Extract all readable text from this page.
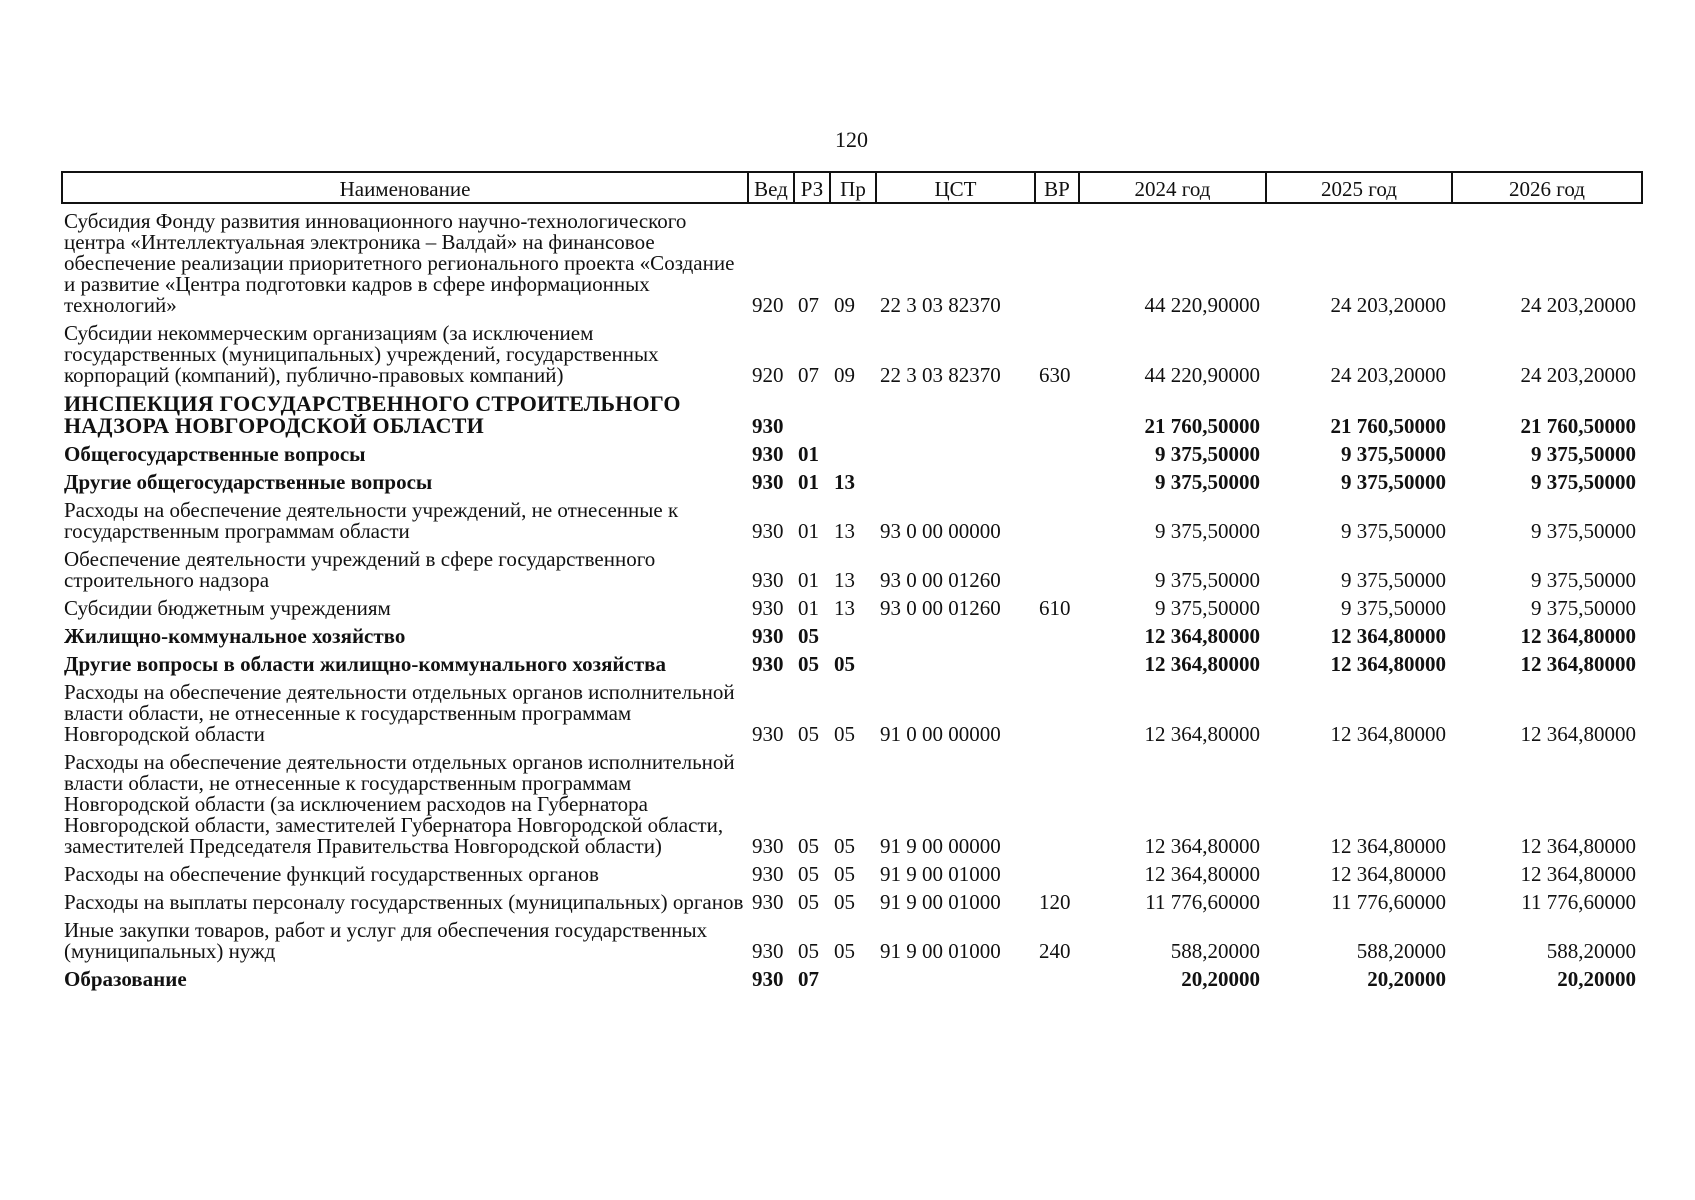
120
Наименование	Вед	РЗ	Пр	ЦСТ	ВР	2024 год	2025 год	2026 год

Субсидия Фонду развития инновационного научно-технологического центра «Интеллектуальная электроника – Валдай» на финансовое обеспечение реализации приоритетного регионального проекта «Создание и развитие «Центра подготовки кадров в сфере информационных технологий»	920	07	09	22 3 03 82370		44 220,90000	24 203,20000	24 203,20000
Субсидии некоммерческим организациям (за исключением государственных (муниципальных) учреждений, государственных корпораций (компаний), публично-правовых компаний)	920	07	09	22 3 03 82370	630	44 220,90000	24 203,20000	24 203,20000
ИНСПЕКЦИЯ ГОСУДАРСТВЕННОГО СТРОИТЕЛЬНОГО НАДЗОРА НОВГОРОДСКОЙ ОБЛАСТИ	930					21 760,50000	21 760,50000	21 760,50000
Общегосударственные вопросы	930	01				9 375,50000	9 375,50000	9 375,50000
Другие общегосударственные вопросы	930	01	13			9 375,50000	9 375,50000	9 375,50000
Расходы на обеспечение деятельности учреждений, не отнесенные к государственным программам области	930	01	13	93 0 00 00000		9 375,50000	9 375,50000	9 375,50000
Обеспечение деятельности учреждений в сфере государственного строительного надзора	930	01	13	93 0 00 01260		9 375,50000	9 375,50000	9 375,50000
Субсидии бюджетным учреждениям	930	01	13	93 0 00 01260	610	9 375,50000	9 375,50000	9 375,50000
Жилищно-коммунальное хозяйство	930	05				12 364,80000	12 364,80000	12 364,80000
Другие вопросы в области жилищно-коммунального хозяйства	930	05	05			12 364,80000	12 364,80000	12 364,80000
Расходы на обеспечение деятельности отдельных органов исполнительной власти области, не отнесенные к государственным программам Новгородской области	930	05	05	91 0 00 00000		12 364,80000	12 364,80000	12 364,80000
Расходы на обеспечение деятельности отдельных органов исполнительной власти области, не отнесенные к государственным программам Новгородской области (за исключением расходов на Губернатора Новгородской области, заместителей Губернатора Новгородской области, заместителей Председателя Правительства Новгородской области)	930	05	05	91 9 00 00000		12 364,80000	12 364,80000	12 364,80000
Расходы на обеспечение функций государственных органов	930	05	05	91 9 00 01000		12 364,80000	12 364,80000	12 364,80000
Расходы на выплаты персоналу государственных (муниципальных) органов	930	05	05	91 9 00 01000	120	11 776,60000	11 776,60000	11 776,60000
Иные закупки товаров, работ и услуг для обеспечения государственных (муниципальных) нужд	930	05	05	91 9 00 01000	240	588,20000	588,20000	588,20000
Образование	930	07				20,20000	20,20000	20,20000
